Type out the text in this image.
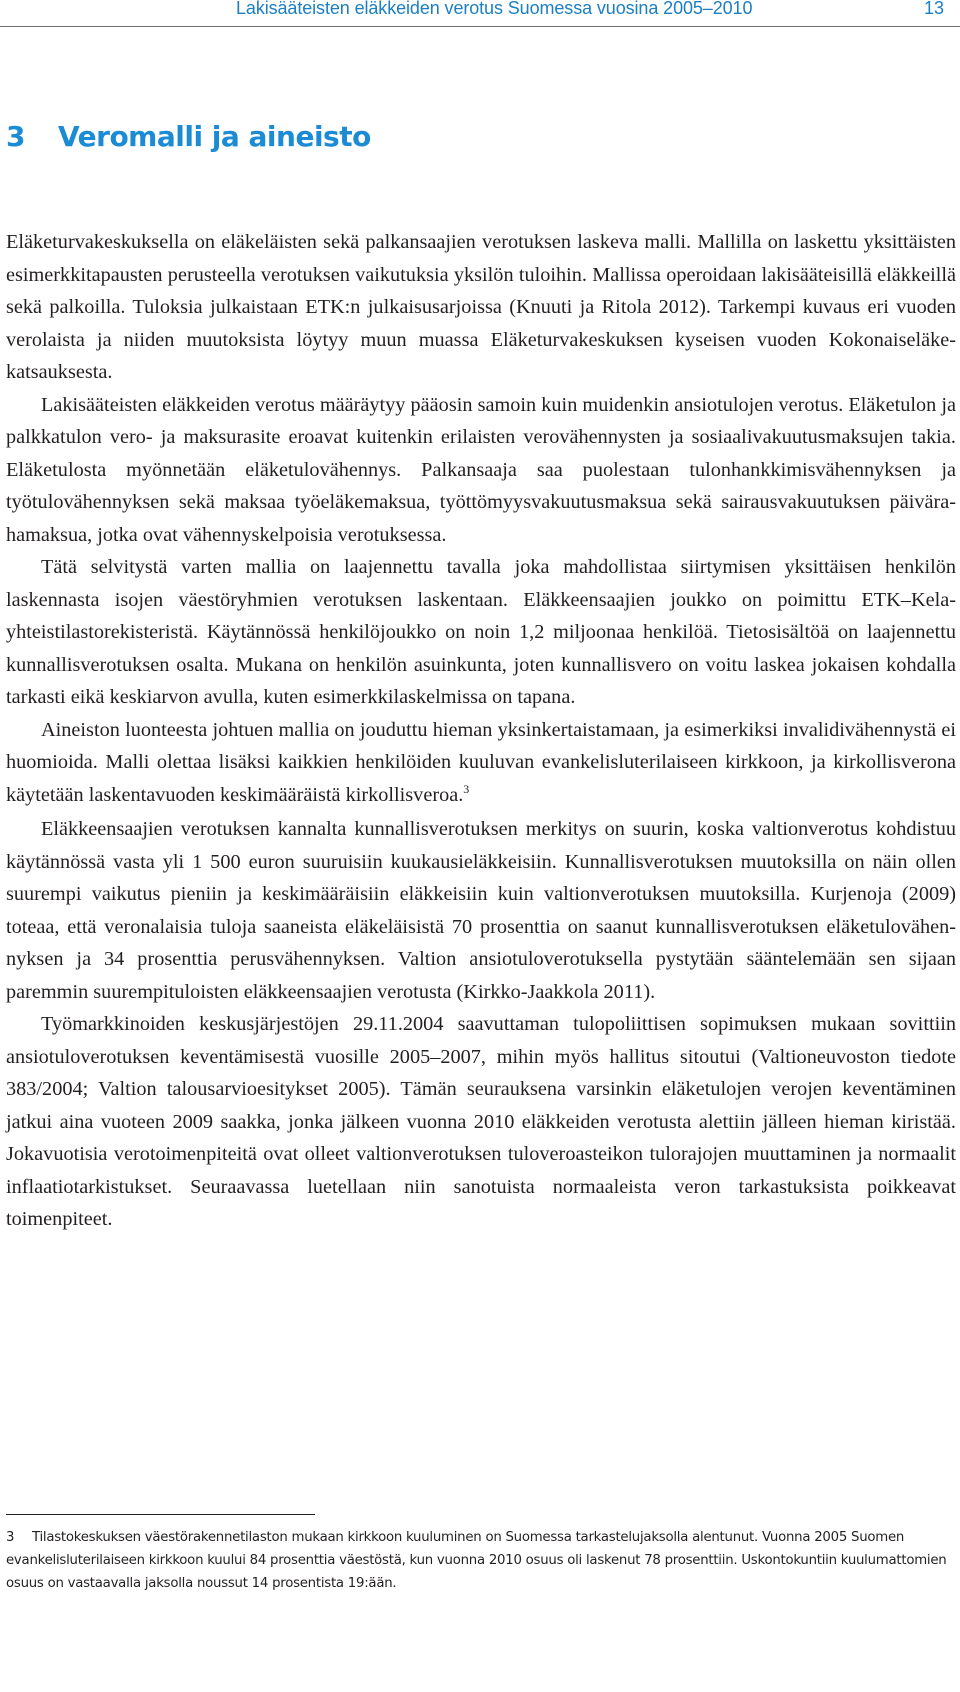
Lakisääteisten eläkkeiden verotus Suomessa vuosina 2005–2010	13
3 Veromalli ja aineisto

Eläketurvakeskuksella on eläkeläisten sekä palkansaajien verotuksen laskeva malli. Mallilla on laskettu yksittäisten esimerkkitapausten perusteella verotuksen vaikutuksia yksilön tuloihin. Mallissa operoidaan lakisääteisillä eläkkeillä sekä palkoilla. Tuloksia julkaistaan ETK:n julkaisusarjoissa (Knuuti ja Ritola 2012). Tarkempi kuvaus eri vuoden verolaista ja niiden muutoksista löytyy muun muassa Eläketurvakeskuksen kyseisen vuoden Kokonaiseläke-katsauksesta.

Lakisääteisten eläkkeiden verotus määräytyy pääosin samoin kuin muidenkin ansiotulojen verotus. Eläketulon ja palkkatulon vero- ja maksurasite eroavat kuitenkin erilaisten verovähennysten ja sosiaalivakuutusmaksujen takia. Eläketulosta myönnetään eläketulovähennys. Palkansaaja saa puolestaan tulonhankkimisvähennyksen ja työtulovähennyksen sekä maksaa työeläkemaksua, työttömyysvakuutusmaksua sekä sairausvakuutuksen päivärahamaksua, jotka ovat vähennyskelpoisia verotuksessa.

Tätä selvitystä varten mallia on laajennettu tavalla joka mahdollistaa siirtymisen yksittäisen henkilön laskennasta isojen väestöryhmien verotuksen laskentaan. Eläkkeensaajien joukko on poimittu ETK–Kela-yhteistilastorekisteristä. Käytännössä henkilöjoukko on noin 1,2 miljoonaa henkilöä. Tietosisältöä on laajennettu kunnallisverotuksen osalta. Mukana on henkilön asuinkunta, joten kunnallisvero on voitu laskea jokaisen kohdalla tarkasti eikä keskiarvon avulla, kuten esimerkkilaskelmissa on tapana.

Aineiston luonteesta johtuen mallia on jouduttu hieman yksinkertaistamaan, ja esimerkiksi invalidivähennystä ei huomioida. Malli olettaa lisäksi kaikkien henkilöiden kuuluvan evankelisluterilaiseen kirkkoon, ja kirkollisverona käytetään laskentavuoden keskimääräistä kirkollisveroa.$^3$

Eläkkeensaajien verotuksen kannalta kunnallisverotuksen merkitys on suurin, koska valtionverotus kohdistuu käytännössä vasta yli 1 500 euron suuruisiin kuukausieläkkeisiin. Kunnallisverotuksen muutoksilla on näin ollen suurempi vaikutus pieniin ja keskimääräisiin eläkkeisiin kuin valtionverotuksen muutoksilla. Kurjenoja (2009) toteaa, että veronalaisia tuloja saaneista eläkeläisistä 70 prosenttia on saanut kunnallisverotuksen eläketulovähennyksen ja 34 prosenttia perusvähennyksen. Valtion ansiotuloverotuksella pystytään sääntelemään sen sijaan paremmin suurempituloisten eläkkeensaajien verotusta (Kirkko-Jaakkola 2011).

Työmarkkinoiden keskusjärjestöjen 29.11.2004 saavuttaman tulopoliittisen sopimuksen mukaan sovittiin ansiotuloverotuksen keventämisestä vuosille 2005–2007, mihin myös hallitus sitoutui (Valtioneuvoston tiedote 383/2004; Valtion talousarvioesitykset 2005). Tämän seurauksena varsinkin eläketulojen verojen keventäminen jatkui aina vuoteen 2009 saakka, jonka jälkeen vuonna 2010 eläkkeiden verotusta alettiin jälleen hieman kiristää. Jokavuotisia verotoimenpiteitä ovat olleet valtionverotuksen tuloveroasteikon tulorajojen muuttaminen ja normaalit inflaatiotarkistukset. Seuraavassa luetellaan niin sanotuista normaaleista veron tarkastuksista poikkeavat toimenpiteet.

3 Tilastokeskuksen väestörakennetilaston mukaan kirkkoon kuuluminen on Suomessa tarkastelujaksolla alentunut. Vuonna 2005 Suomen evankelisluterilaiseen kirkkoon kuului 84 prosenttia väestöstä, kun vuonna 2010 osuus oli laskenut 78 prosenttiin. Uskontokuntiin kuulumattomien osuus on vastaavalla jaksolla noussut 14 prosentista 19:ään.
